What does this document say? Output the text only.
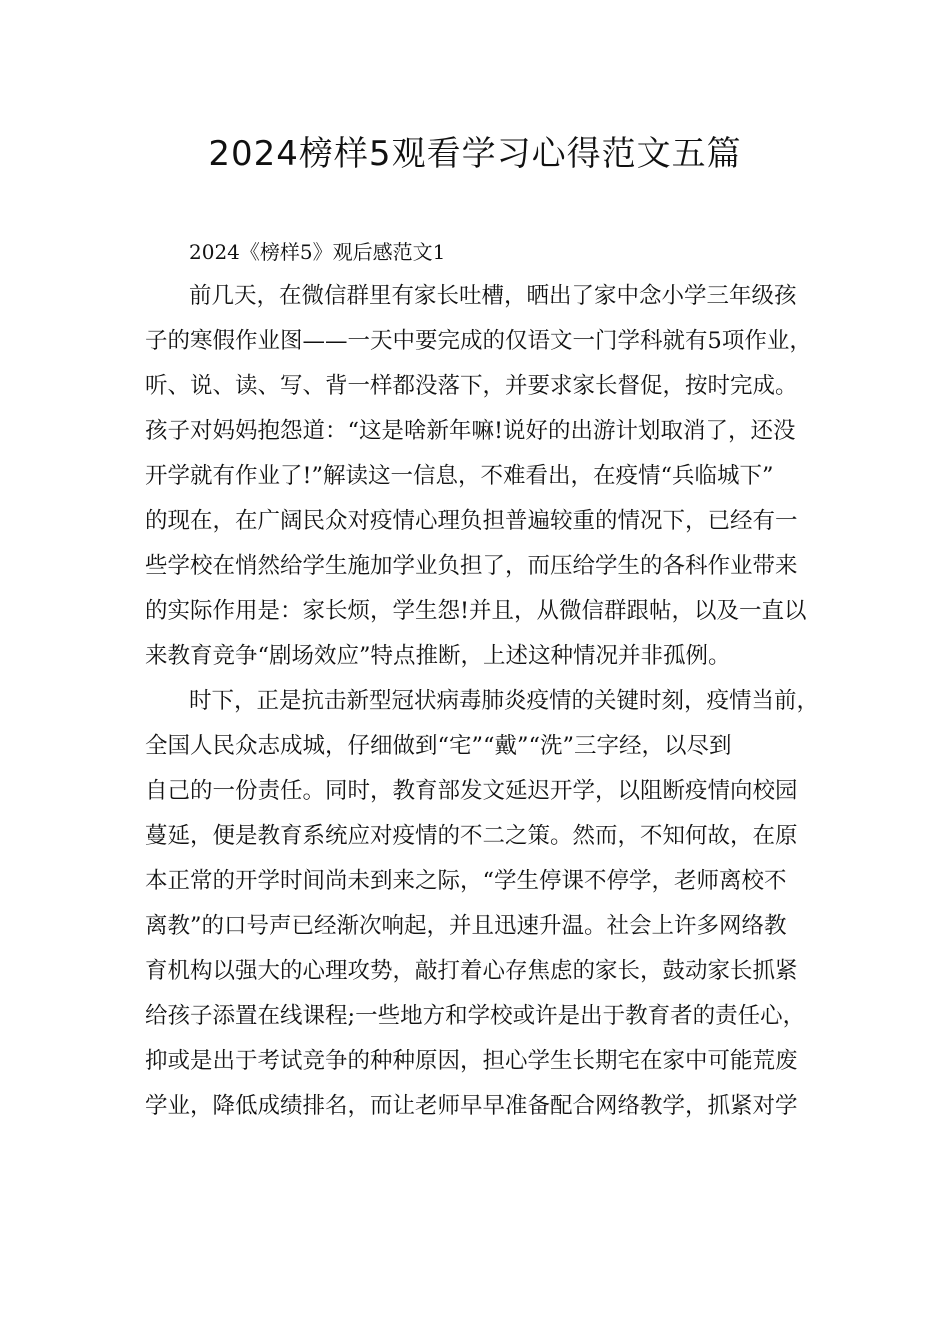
2024榜样5观看学习心得范文五篇
2024《榜样5》观后感范文1
前几天，在微信群里有家长吐槽，晒出了家中念小学三年级孩
子的寒假作业图——一天中要完成的仅语文一门学科就有5项作业，
听、说、读、写、背一样都没落下，并要求家长督促，按时完成。
孩子对妈妈抱怨道：“这是啥新年嘛!说好的出游计划取消了，还没
开学就有作业了!”解读这一信息，不难看出，在疫情“兵临城下”
的现在，在广阔民众对疫情心理负担普遍较重的情况下，已经有一
些学校在悄然给学生施加学业负担了，而压给学生的各科作业带来
的实际作用是：家长烦，学生怨!并且，从微信群跟帖，以及一直以
来教育竞争“剧场效应”特点推断，上述这种情况并非孤例。
时下，正是抗击新型冠状病毒肺炎疫情的关键时刻，疫情当前，
全国人民众志成城，仔细做到“宅”“戴”“洗”三字经，以尽到
自己的一份责任。同时，教育部发文延迟开学，以阻断疫情向校园
蔓延，便是教育系统应对疫情的不二之策。然而，不知何故，在原
本正常的开学时间尚未到来之际，“学生停课不停学，老师离校不
离教”的口号声已经渐次响起，并且迅速升温。社会上许多网络教
育机构以强大的心理攻势，敲打着心存焦虑的家长，鼓动家长抓紧
给孩子添置在线课程;一些地方和学校或许是出于教育者的责任心，
抑或是出于考试竞争的种种原因，担心学生长期宅在家中可能荒废
学业，降低成绩排名，而让老师早早准备配合网络教学，抓紧对学
